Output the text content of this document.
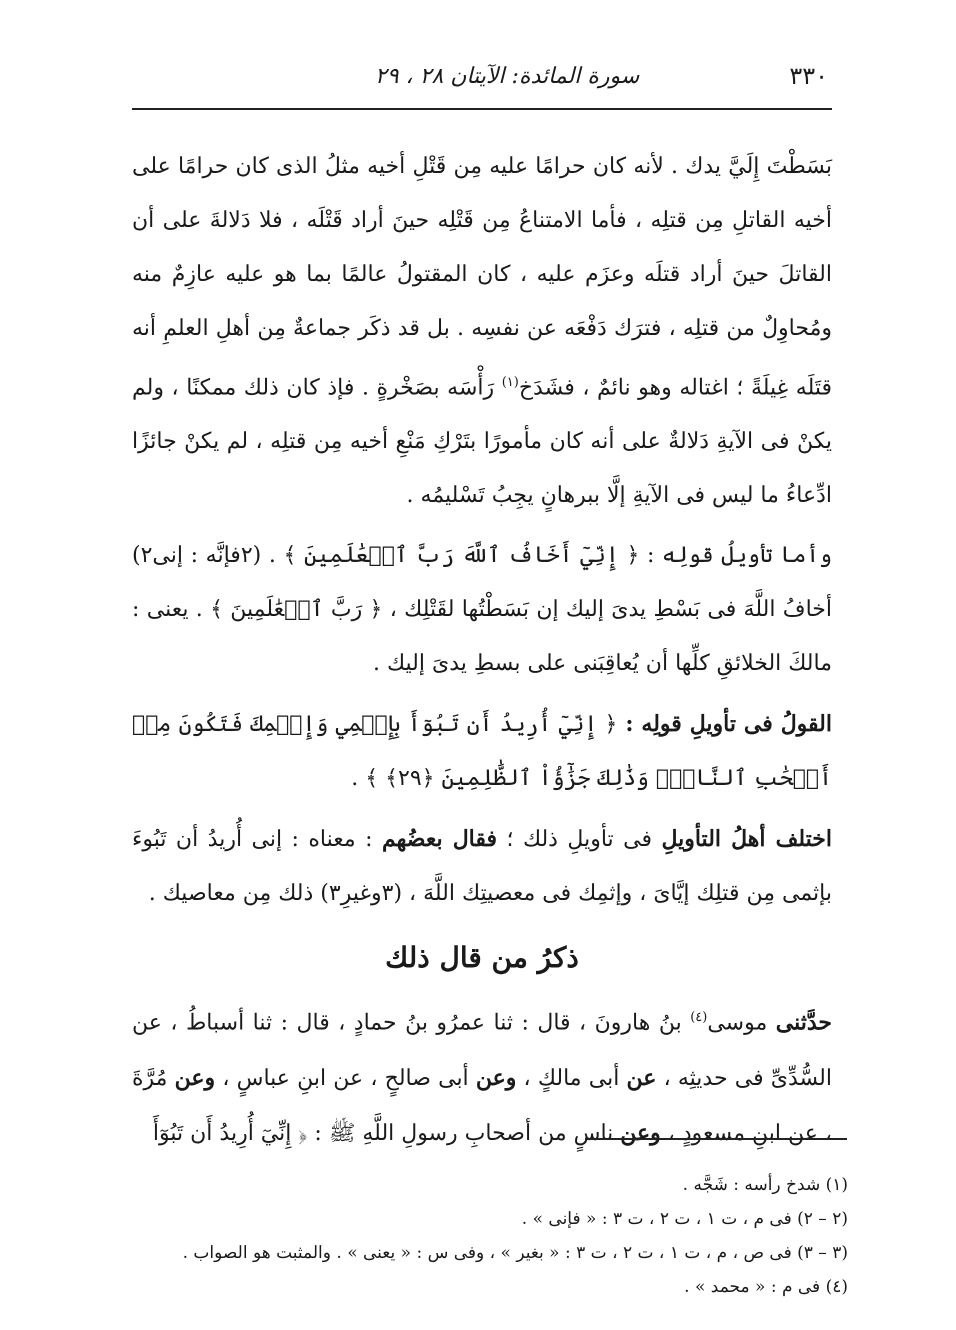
٣٣٠
سورة المائدة: الآيتان ٢٨ ، ٢٩

بَسَطْتَ إِلَيَّ يدك . لأنه كان حرامًا عليه مِن قَتْلِ أخيه مثلُ الذى كان حرامًا على أخيه القاتلِ مِن قتلِه ، فأما الامتناعُ مِن قَتْلِه حينَ أراد قَتْلَه ، فلا دَلالةَ على أن القاتلَ حينَ أراد قتلَه وعزَم عليه ، كان المقتولُ عالمًا بما هو عليه عازِمٌ منه ومُحاوِلٌ من قتلِه ، فترَك دَفْعَه عن نفسِه . بل قد ذكَر جماعةٌ مِن أهلِ العلمِ أنه قتَلَه غِيلَةً ؛ اغتاله وهو نائمٌ ، فشَدَخ$^{(١)}$ رَأْسَه بصَخْرةٍ . فإذ كان ذلك ممكنًا ، ولم يكنْ فى الآيةِ دَلالةٌ على أنه كان مأمورًا بتَرْكِ مَنْعِ أخيه مِن قتلِه ، لم يكنْ جائزًا ادِّعاءُ ما ليس فى الآيةِ إلَّا ببرهانٍ يجِبُ تَسْليمُه .

وأما تأويلُ قولِه : ﴿ إِنِّيٓ أَخَافُ ٱللَّهَ رَبَّ ٱلۡعَٰلَمِينَ ﴾ . (٢فإنَّه : إنى٢) أخافُ اللَّهَ فى بَسْطِ يدىَ إليك إن بَسَطْتُها لقَتْلِك ، ﴿ رَبَّ ٱلۡعَٰلَمِينَ ﴾ . يعنى : مالكَ الخلائقِ كلِّها أن يُعاقِبَنى على بسطِ يدىَ إليك .

القولُ فى تأويلِ قولِه : ﴿ إِنِّيٓ أُرِيدُ أَن تَبُوٓأَ بِإِثۡمِي وَإِثۡمِكَ فَتَكُونَ مِنۡ أَصۡحَٰبِ ٱلنَّارِۚ وَذَٰلِكَ جَزَٰٓؤُاْ ٱلظَّٰلِمِينَ ﴿٢٩﴾ ﴾ .

اختلف أهلُ التأويلِ فى تأويلِ ذلك ؛ فقال بعضُهم : معناه : إنى أُريدُ أن تَبُوءَ بإثمى مِن قتلِك إيَّاىَ ، وإثمِك فى معصيتِك اللَّهَ ، (٣وغيرِ٣) ذلك مِن معاصيك .

ذكرُ من قال ذلك

حدَّثنى موسى$^{(٤)}$ بنُ هارونَ ، قال : ثنا عمرُو بنُ حمادٍ ، قال : ثنا أسباطُ ، عن السُّدِّىِّ فى حديثِه ، عن أبى مالكٍ ، وعن أبى صالحٍ ، عن ابنِ عباسٍ ، وعن مُرَّةَ ، عن ابنِ مسعودٍ ، وعن ناسٍ من أصحابِ رسولِ اللَّهِ ﷺ : ﴿ إِنِّيٓ أُرِيدُ أَن تَبُوٓأَ

(١) شدخ رأسه : شَجَّه .

(٢ – ٢) فى م ، ت ١ ، ت ٢ ، ت ٣ : « فإنى » .

(٣ – ٣) فى ص ، م ، ت ١ ، ت ٢ ، ت ٣ : « بغير » ، وفى س : « يعنى » . والمثبت هو الصواب .

(٤) فى م : « محمد » .
